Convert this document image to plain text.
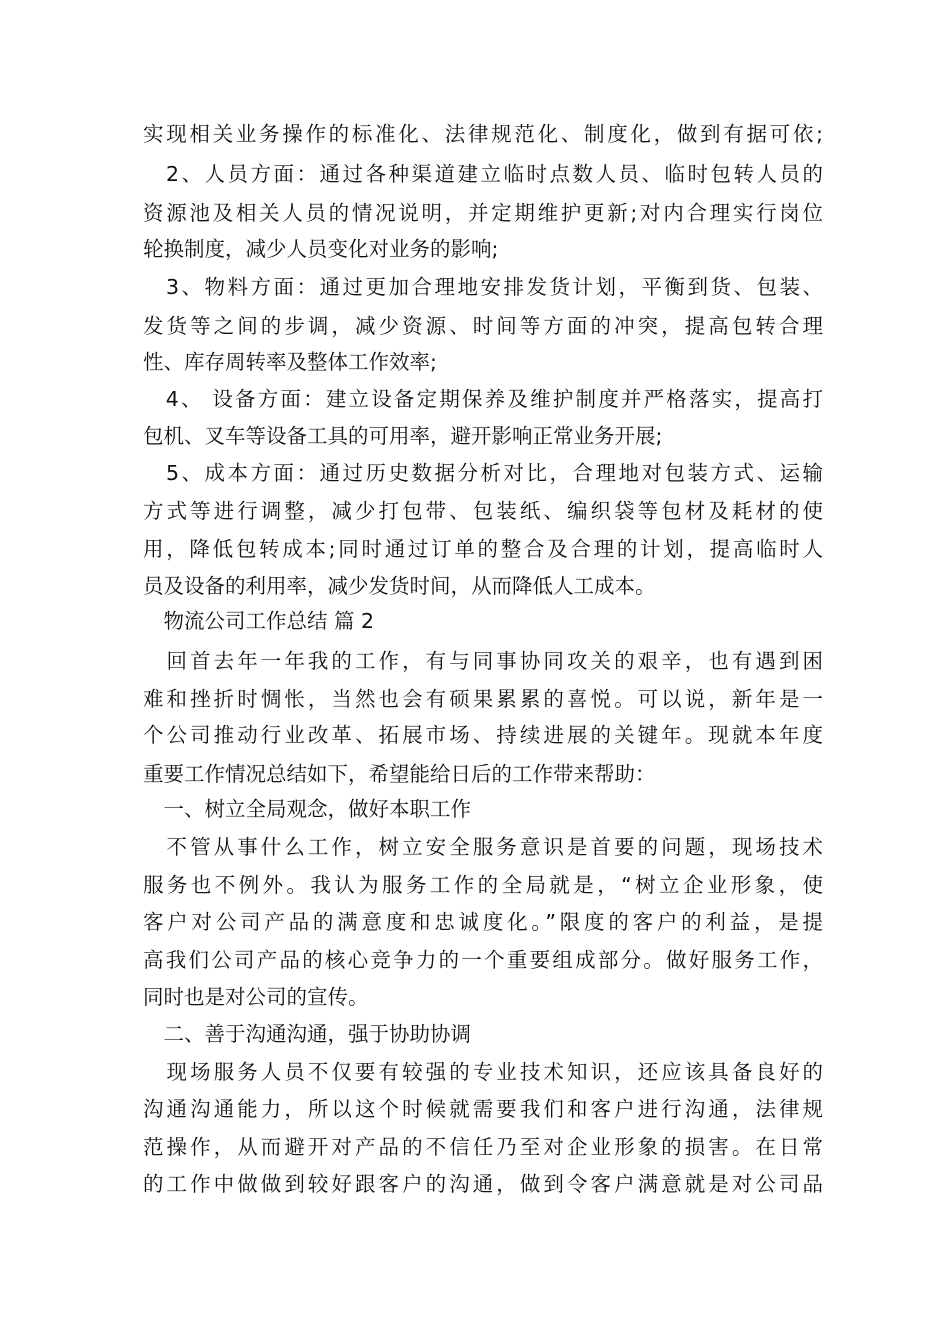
实现相关业务操作的标准化、法律规范化、制度化，做到有据可依;
　2、人员方面：通过各种渠道建立临时点数人员、临时包转人员的
资源池及相关人员的情况说明，并定期维护更新;对内合理实行岗位
轮换制度，减少人员变化对业务的影响;
　3、物料方面：通过更加合理地安排发货计划，平衡到货、包装、
发货等之间的步调，减少资源、时间等方面的冲突，提高包转合理
性、库存周转率及整体工作效率;
　4、 设备方面：建立设备定期保养及维护制度并严格落实，提高打
包机、叉车等设备工具的可用率，避开影响正常业务开展;
　5、成本方面：通过历史数据分析对比，合理地对包装方式、运输
方式等进行调整，减少打包带、包装纸、编织袋等包材及耗材的使
用，降低包转成本;同时通过订单的整合及合理的计划，提高临时人
员及设备的利用率，减少发货时间，从而降低人工成本。
　物流公司工作总结 篇 2
　回首去年一年我的工作，有与同事协同攻关的艰辛，也有遇到困
难和挫折时惆怅，当然也会有硕果累累的喜悦。可以说，新年是一
个公司推动行业改革、拓展市场、持续进展的关键年。现就本年度
重要工作情况总结如下，希望能给日后的工作带来帮助：
　一、树立全局观念，做好本职工作
　不管从事什么工作，树立安全服务意识是首要的问题，现场技术
服务也不例外。我认为服务工作的全局就是，“树立企业形象，使
客户对公司产品的满意度和忠诚度化。”限度的客户的利益，是提
高我们公司产品的核心竞争力的一个重要组成部分。做好服务工作，
同时也是对公司的宣传。
　二、善于沟通沟通，强于协助协调
　现场服务人员不仅要有较强的专业技术知识，还应该具备良好的
沟通沟通能力，所以这个时候就需要我们和客户进行沟通，法律规
范操作，从而避开对产品的不信任乃至对企业形象的损害。在日常
的工作中做做到较好跟客户的沟通，做到令客户满意就是对公司品
